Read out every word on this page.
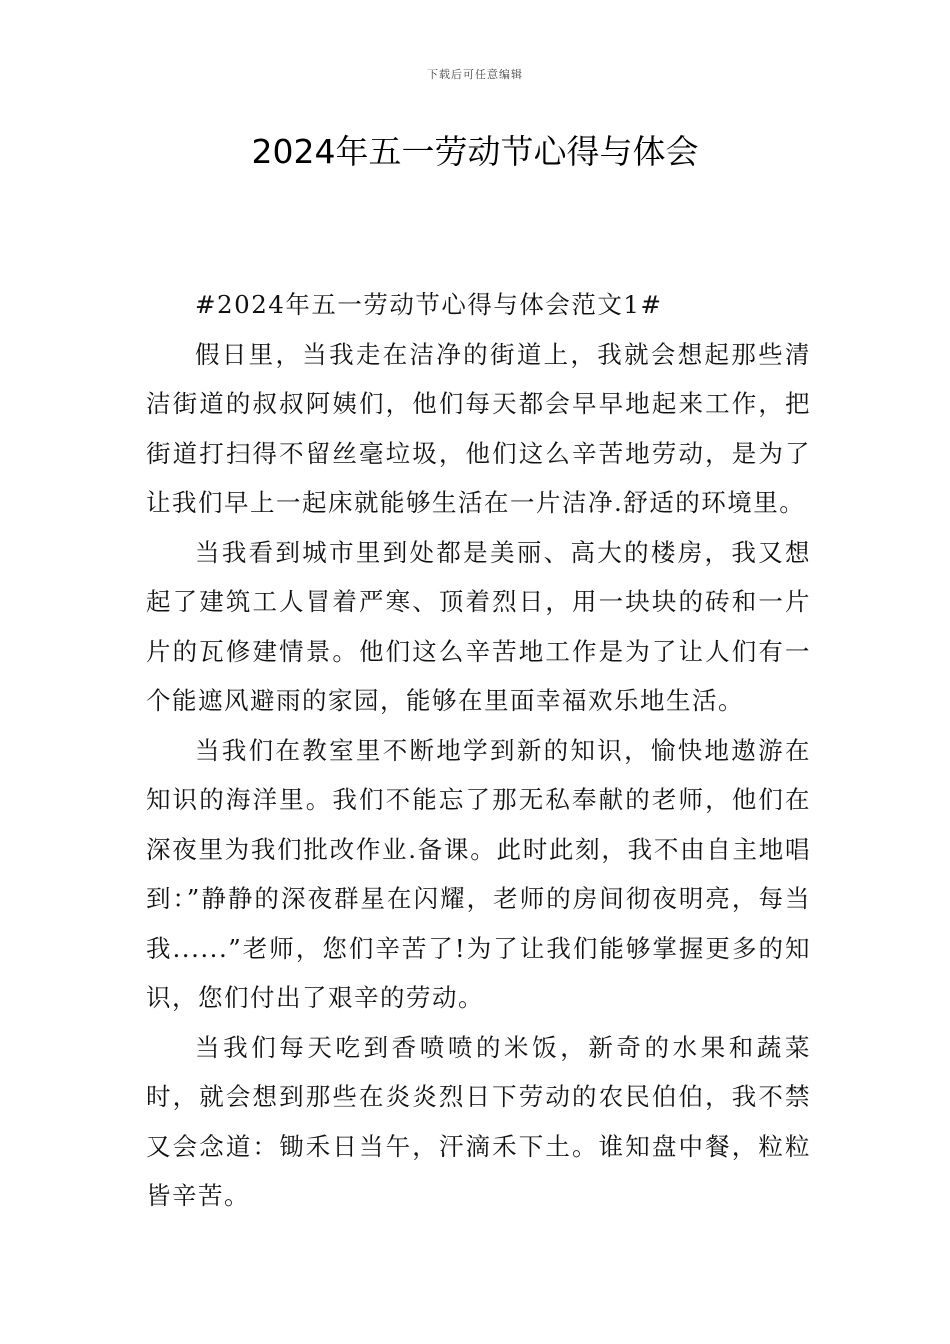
下载后可任意编辑
2024年五一劳动节心得与体会

#2024年五一劳动节心得与体会范文1#

假日里，当我走在洁净的街道上，我就会想起那些清洁街道的叔叔阿姨们，他们每天都会早早地起来工作，把街道打扫得不留丝毫垃圾，他们这么辛苦地劳动，是为了让我们早上一起床就能够生活在一片洁净.舒适的环境里。

当我看到城市里到处都是美丽、高大的楼房，我又想起了建筑工人冒着严寒、顶着烈日，用一块块的砖和一片片的瓦修建情景。他们这么辛苦地工作是为了让人们有一个能遮风避雨的家园，能够在里面幸福欢乐地生活。

当我们在教室里不断地学到新的知识，愉快地遨游在知识的海洋里。我们不能忘了那无私奉献的老师，他们在深夜里为我们批改作业.备课。此时此刻，我不由自主地唱到：”静静的深夜群星在闪耀，老师的房间彻夜明亮，每当我......”老师，您们辛苦了!为了让我们能够掌握更多的知识，您们付出了艰辛的劳动。

当我们每天吃到香喷喷的米饭，新奇的水果和蔬菜时，就会想到那些在炎炎烈日下劳动的农民伯伯，我不禁又会念道：锄禾日当午，汗滴禾下土。谁知盘中餐，粒粒皆辛苦。
